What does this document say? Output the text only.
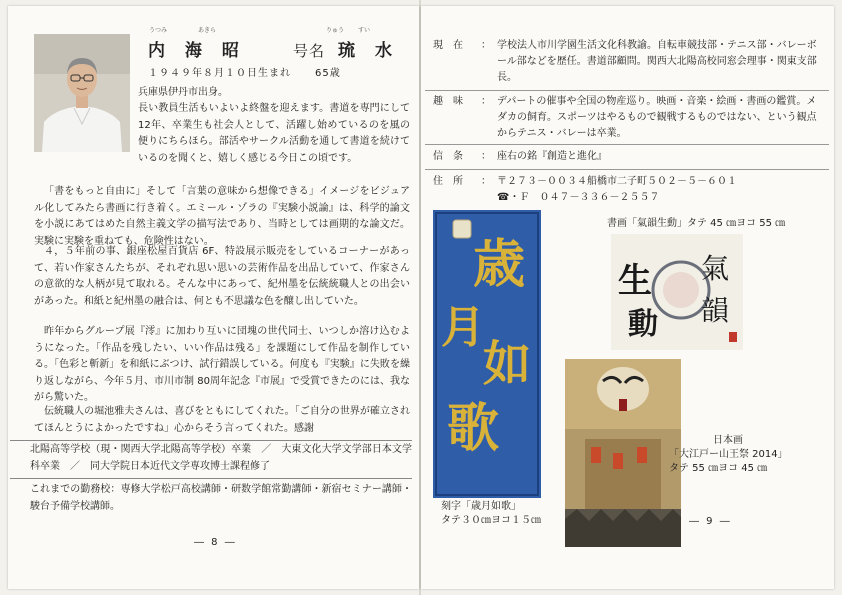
内 海 昭	号名 琉 水
うつみ	あきら	りゅう すい
１９４９年８月１０日生まれ 65歳

兵庫県伊丹市出身。

長い教員生活もいよいよ終盤を迎えます。書道を専門にして12年、卒業生も社会人として、活躍し始めているのを風の便りにちらほら。部活やサークル活動を通して書道を続けているのを聞くと、嬉しく感じる今日この頃です。

「書をもっと自由に」そして「言葉の意味から想像できる」イメージをビジュアル化してみたら書画に行き着く。エミール・ゾラの『実験小説論』は、科学的論文を小説にあてはめた自然主義文学の描写法であり、当時としては画期的な論文だ。実験に実験を重ねても、危険性はない。

４，５年前の事、銀座松屋百貨店 6F、特設展示販売をしているコーナーがあって、若い作家さんたちが、それぞれ思い思いの芸術作品を出品していて、作家さんの意欲的な人柄が見て取れる。そんな中にあって、紀州墨を伝統統職人との出会いがあった。和紙と紀州墨の融合は、何とも不思議な色を醸し出していた。

昨年からグループ展『澪』に加わり互いに団塊の世代同士、いつしか溶け込むようになった。「作品を残したい、いい作品は残る」を課題にして作品を制作している。「色彩と斬新」を和紙にぶつけ、試行錯誤している。何度も『実験』に失敗を繰り返しながら、今年５月、市川市制 80周年記念『市展』で受賞できたのには、我ながら驚いた。

伝統職人の堀池雅夫さんは、喜びをともにしてくれた。「ご自分の世界が確立されてほんとうによかったですね」心からそう言ってくれた。感謝

北陽高等学校（現・関西大学北陽高等学校）卒業　／　大東文化大学文学部日本文学科卒業　／　同大学院日本近代文学専攻博士課程修了

これまでの勤務校：専修大学松戸高校講師・研数学館常勤講師・新宿セミナー講師・駿台予備学校講師。

― 8 ―
現在 ： 学校法人市川学園生活文化科教諭。自転車競技部・テニス部・バレーボール部などを歴任。書道部顧問。関西大北陽高校同窓会理事・関東支部長。
趣味 ： デパートの催事や全国の物産巡り。映画・音楽・絵画・書画の鑑賞。メダカの飼育。スポーツはやるもので観戦するものではない、という観点からテニス・バレーは卒業。
信条 ： 座右の銘『創造と進化』
住所 ： 〒２７３－００３４船橋市二子町５０２－５－６０１
☎・Ｆ　０４７－３３６－２５５７
歳
月
如
歌
刻字「歳月如歌」
タテ３０㎝ヨコ１５㎝
書画「氣韻生動」タテ 45 ㎝ヨコ 55 ㎝
氣
韻
生
動
日本画
「大江戸ー山王祭 2014」
タテ 55 ㎝ヨコ 45 ㎝
― 9 ―
